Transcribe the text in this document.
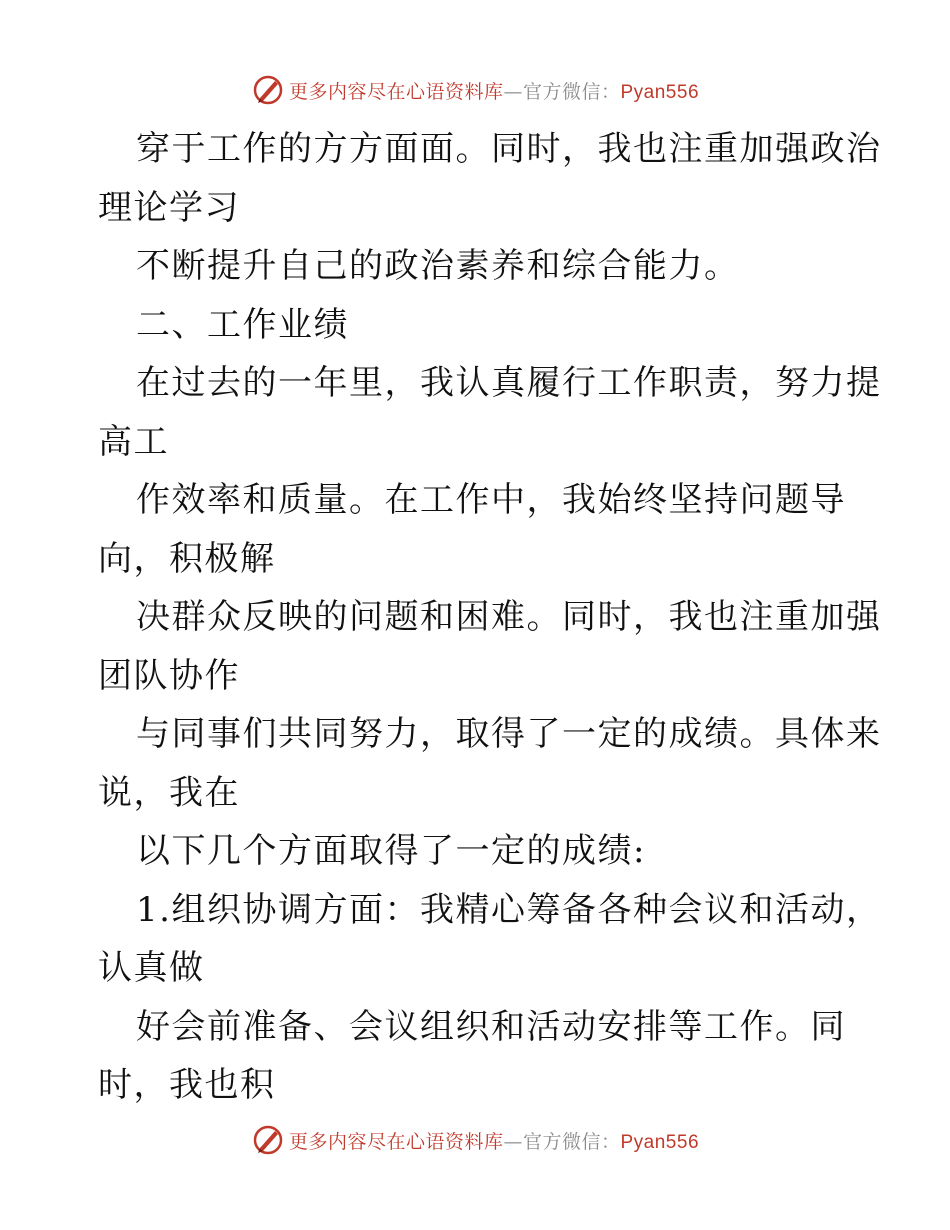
更多内容尽在心语资料库—官方微信：Pyan556
穿于工作的方方面面。同时，我也注重加强政治
理论学习
不断提升自己的政治素养和综合能力。
二、工作业绩
在过去的一年里，我认真履行工作职责，努力提
高工
作效率和质量。在工作中，我始终坚持问题导
向，积极解
决群众反映的问题和困难。同时，我也注重加强
团队协作
与同事们共同努力，取得了一定的成绩。具体来
说，我在
以下几个方面取得了一定的成绩:
1.组织协调方面：我精心筹备各种会议和活动，
认真做
好会前准备、会议组织和活动安排等工作。同
时，我也积
更多内容尽在心语资料库—官方微信：Pyan556
